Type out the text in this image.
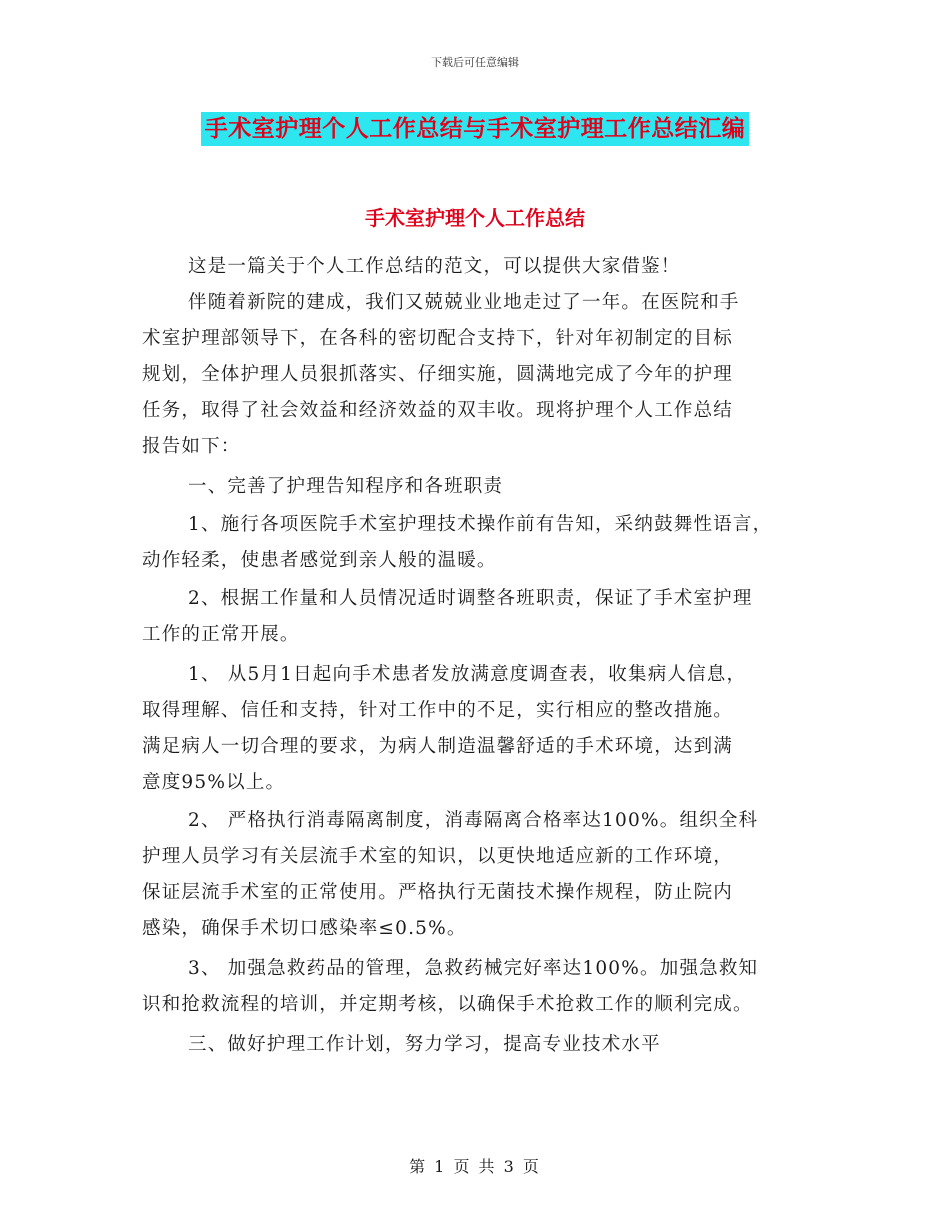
下载后可任意编辑
手术室护理个人工作总结与手术室护理工作总结汇编
手术室护理个人工作总结
这是一篇关于个人工作总结的范文，可以提供大家借鉴！
伴随着新院的建成，我们又兢兢业业地走过了一年。在医院和手
术室护理部领导下，在各科的密切配合支持下，针对年初制定的目标
规划，全体护理人员狠抓落实、仔细实施，圆满地完成了今年的护理
任务，取得了社会效益和经济效益的双丰收。现将护理个人工作总结
报告如下：
一、完善了护理告知程序和各班职责
1、施行各项医院手术室护理技术操作前有告知，采纳鼓舞性语言，
动作轻柔，使患者感觉到亲人般的温暖。
2、根据工作量和人员情况适时调整各班职责，保证了手术室护理
工作的正常开展。
1、 从5月1日起向手术患者发放满意度调查表，收集病人信息，
取得理解、信任和支持，针对工作中的不足，实行相应的整改措施。
满足病人一切合理的要求，为病人制造温馨舒适的手术环境，达到满
意度95%以上。
2、 严格执行消毒隔离制度，消毒隔离合格率达100%。组织全科
护理人员学习有关层流手术室的知识，以更快地适应新的工作环境，
保证层流手术室的正常使用。严格执行无菌技术操作规程，防止院内
感染，确保手术切口感染率≤0.5%。
3、 加强急救药品的管理，急救药械完好率达100%。加强急救知
识和抢救流程的培训，并定期考核，以确保手术抢救工作的顺利完成。
三、做好护理工作计划，努力学习，提高专业技术水平
第 1 页 共 3 页
